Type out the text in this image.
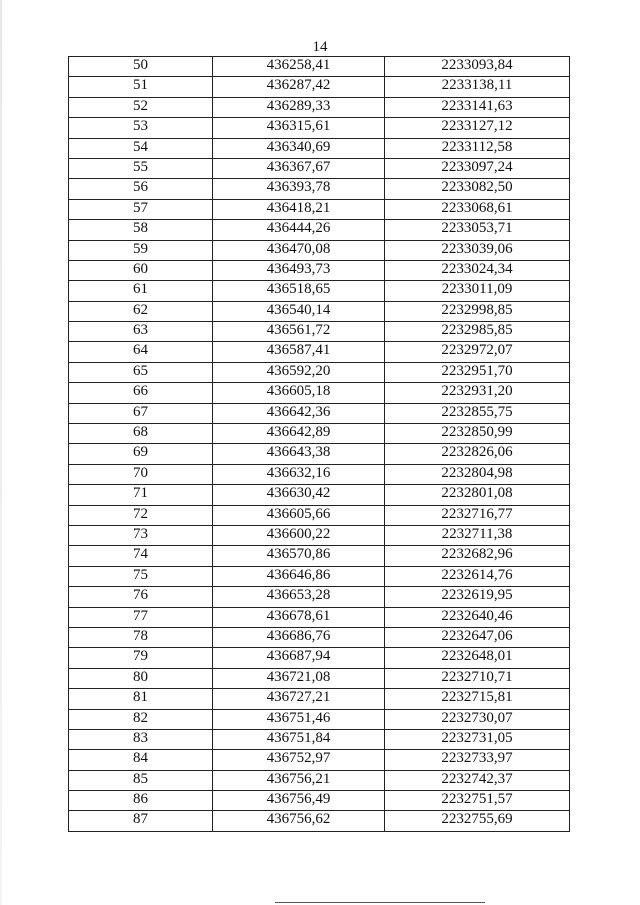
14
50	436258,41	2233093,84
51	436287,42	2233138,11
52	436289,33	2233141,63
53	436315,61	2233127,12
54	436340,69	2233112,58
55	436367,67	2233097,24
56	436393,78	2233082,50
57	436418,21	2233068,61
58	436444,26	2233053,71
59	436470,08	2233039,06
60	436493,73	2233024,34
61	436518,65	2233011,09
62	436540,14	2232998,85
63	436561,72	2232985,85
64	436587,41	2232972,07
65	436592,20	2232951,70
66	436605,18	2232931,20
67	436642,36	2232855,75
68	436642,89	2232850,99
69	436643,38	2232826,06
70	436632,16	2232804,98
71	436630,42	2232801,08
72	436605,66	2232716,77
73	436600,22	2232711,38
74	436570,86	2232682,96
75	436646,86	2232614,76
76	436653,28	2232619,95
77	436678,61	2232640,46
78	436686,76	2232647,06
79	436687,94	2232648,01
80	436721,08	2232710,71
81	436727,21	2232715,81
82	436751,46	2232730,07
83	436751,84	2232731,05
84	436752,97	2232733,97
85	436756,21	2232742,37
86	436756,49	2232751,57
87	436756,62	2232755,69
